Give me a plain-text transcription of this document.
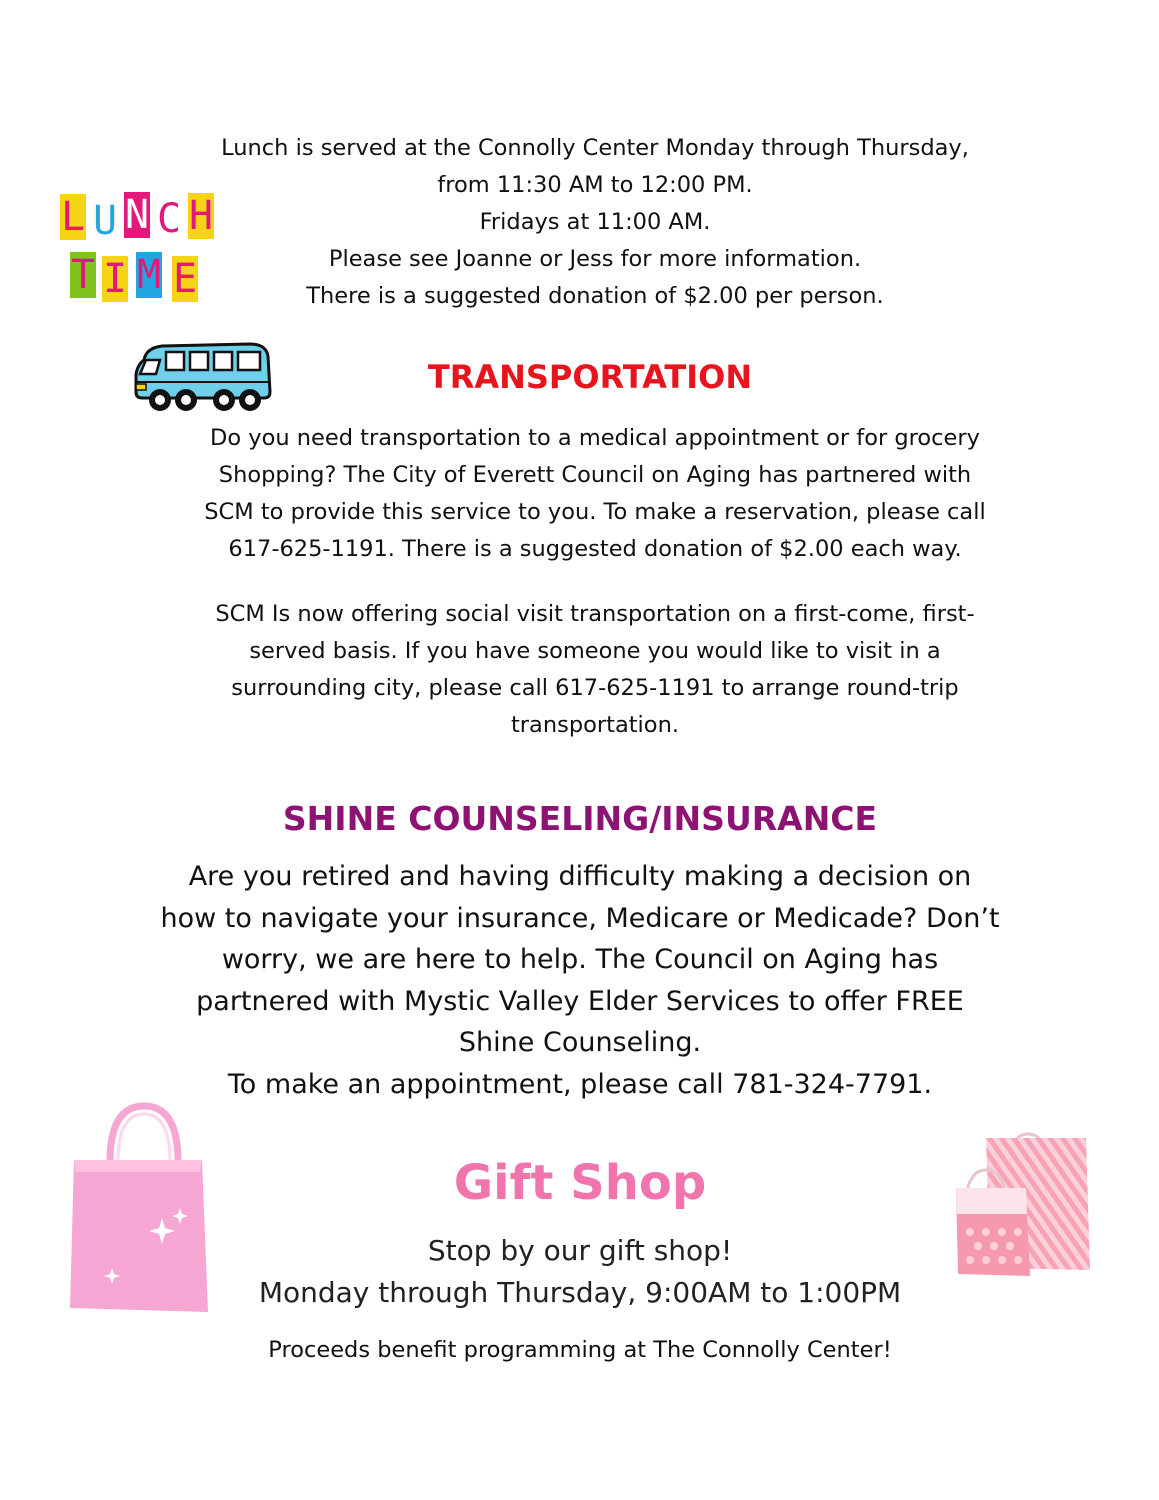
L U N C H
T I M E
Lunch is served at the Connolly Center Monday through Thursday,
from 11:30 AM to 12:00 PM.
Fridays at 11:00 AM.
Please see Joanne or Jess for more information.
There is a suggested donation of $2.00 per person.
TRANSPORTATION
Do you need transportation to a medical appointment or for grocery
Shopping? The City of Everett Council on Aging has partnered with
SCM to provide this service to you. To make a reservation, please call
617-625-1191. There is a suggested donation of $2.00 each way.
SCM Is now offering social visit transportation on a first-come, first-
served basis. If you have someone you would like to visit in a
surrounding city, please call 617-625-1191 to arrange round-trip
transportation.
SHINE COUNSELING/INSURANCE
Are you retired and having difficulty making a decision on
how to navigate your insurance, Medicare or Medicade? Don’t
worry, we are here to help. The Council on Aging has
partnered with Mystic Valley Elder Services to offer FREE
Shine Counseling.
To make an appointment, please call 781-324-7791.
Gift Shop
Stop by our gift shop!
Monday through Thursday, 9:00AM to 1:00PM
Proceeds benefit programming at The Connolly Center!
